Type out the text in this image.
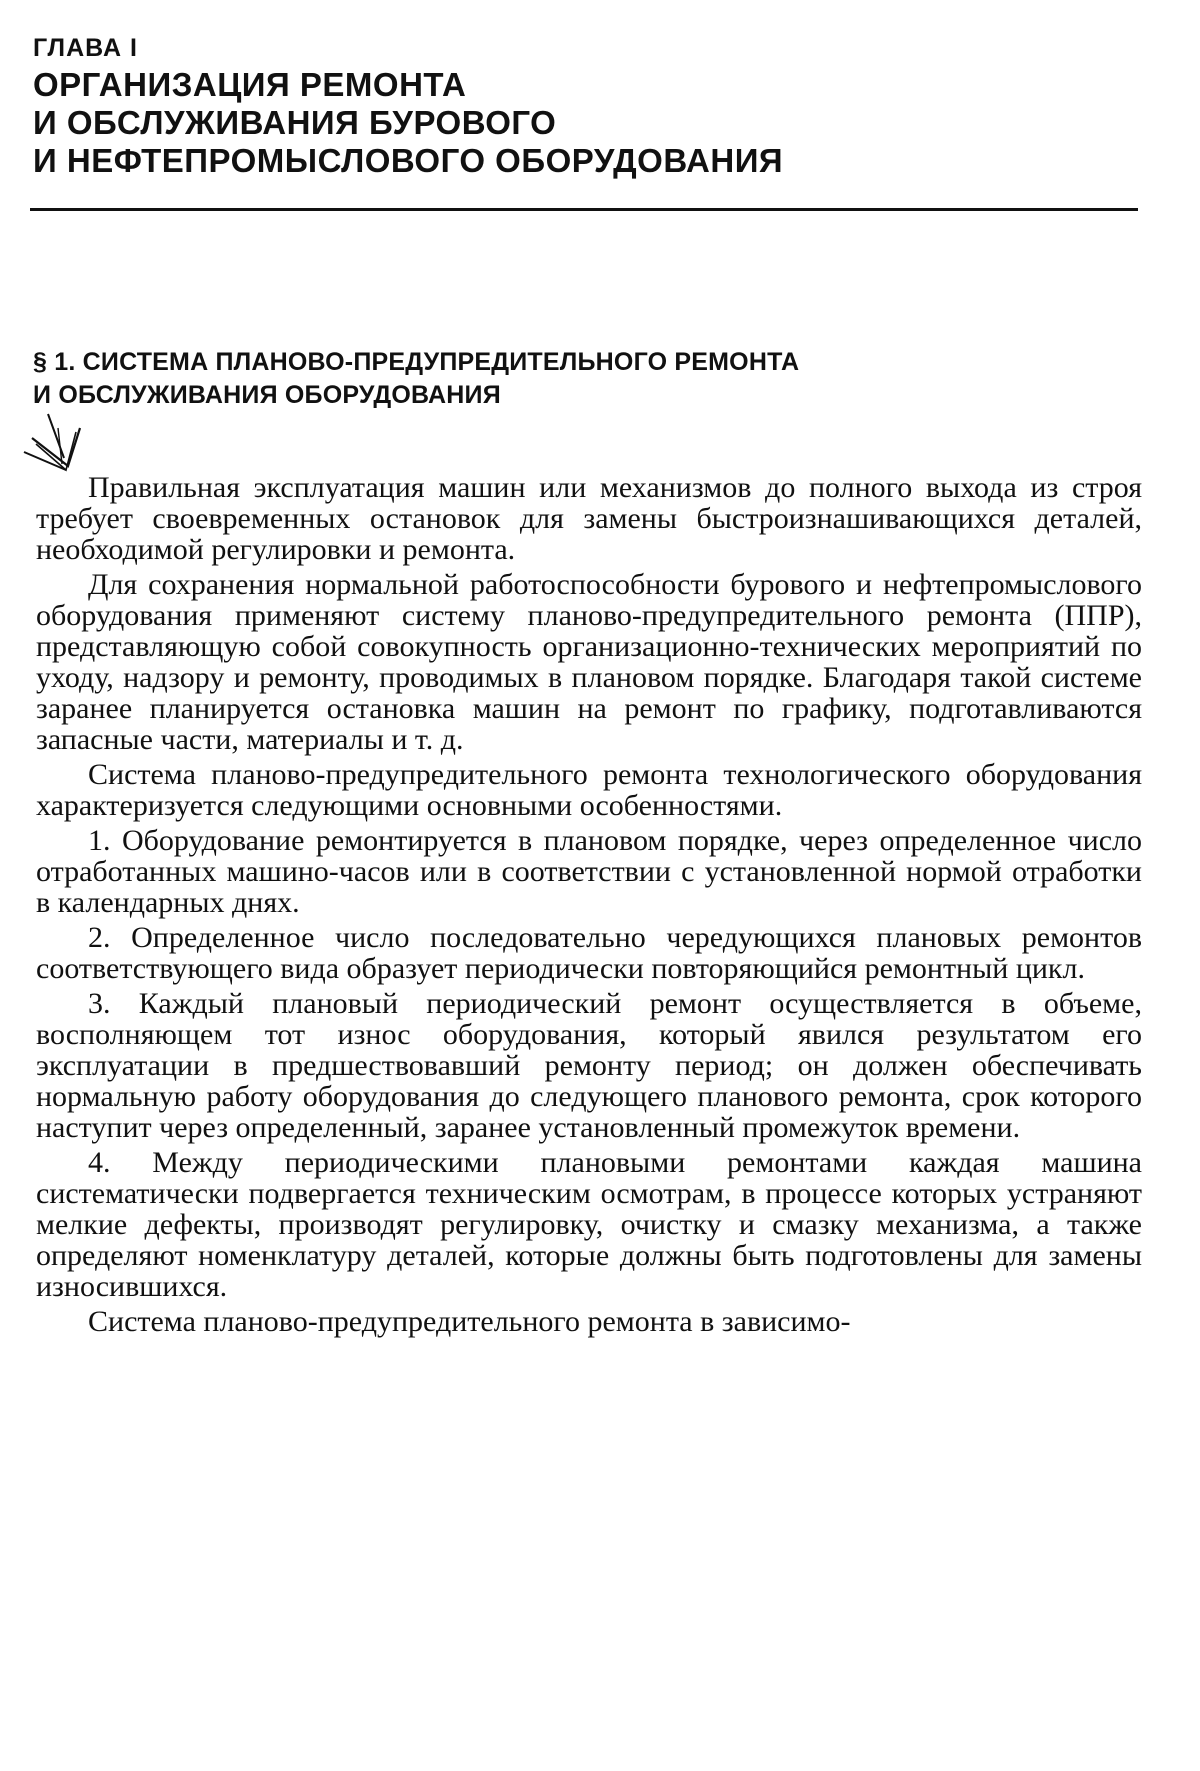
ГЛАВА I
ОРГАНИЗАЦИЯ РЕМОНТА
И ОБСЛУЖИВАНИЯ БУРОВОГО
И НЕФТЕПРОМЫСЛОВОГО ОБОРУДОВАНИЯ
§ 1. СИСТЕМА ПЛАНОВО-ПРЕДУПРЕДИТЕЛЬНОГО РЕМОНТА
И ОБСЛУЖИВАНИЯ ОБОРУДОВАНИЯ

Правильная эксплуатация машин или механизмов до полного выхода из строя требует своевременных остановок для замены быстроизнашивающихся деталей, необходимой регулировки и ремонта.

Для сохранения нормальной работоспособности бурового и нефтепромыслового оборудования применяют систему планово-предупредительного ремонта (ППР), представляющую собой совокупность организационно-технических мероприятий по уходу, надзору и ремонту, проводимых в плановом порядке. Благодаря такой системе заранее планируется остановка машин на ремонт по графику, подготавливаются запасные части, материалы и т. д.

Система планово-предупредительного ремонта технологического оборудования характеризуется следующими основными особенностями.

1. Оборудование ремонтируется в плановом порядке, через определенное число отработанных машино-часов или в соответствии с установленной нормой отработки в календарных днях.

2. Определенное число последовательно чередующихся плановых ремонтов соответствующего вида образует периодически повторяющийся ремонтный цикл.

3. Каждый плановый периодический ремонт осуществляется в объеме, восполняющем тот износ оборудования, который явился результатом его эксплуатации в предшествовавший ремонту период; он должен обеспечивать нормальную работу оборудования до следующего планового ремонта, срок которого наступит через определенный, заранее установленный промежуток времени.

4. Между периодическими плановыми ремонтами каждая машина систематически подвергается техническим осмотрам, в процессе которых устраняют мелкие дефекты, производят регулировку, очистку и смазку механизма, а также определяют номенклатуру деталей, которые должны быть подготовлены для замены износившихся.

Система планово-предупредительного ремонта в зависимо-
